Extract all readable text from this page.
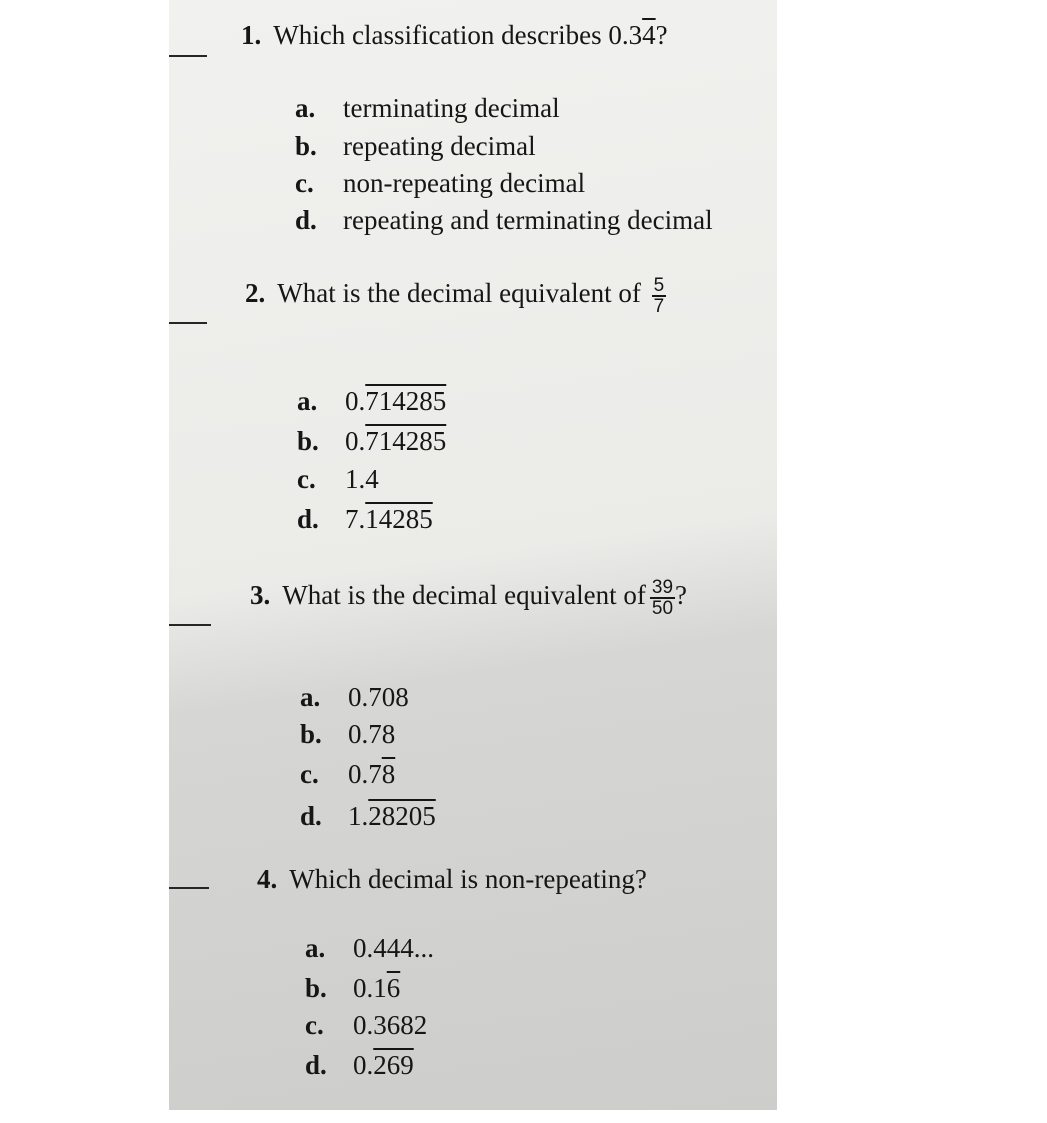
1. Which classification describes 0.34?
a. terminating decimal
b. repeating decimal
c. non-repeating decimal
d. repeating and terminating decimal
2. What is the decimal equivalent of $\frac{5}{7}$
a. 0.714285
b. 0.714285
c. 1.4
d. 7.14285
3. What is the decimal equivalent of $\frac{39}{50}$ ?
a. 0.708
b. 0.78
c. 0.78
d. 1.28205
4. Which decimal is non-repeating?
a. 0.444...
b. 0.16
c. 0.3682
d. 0.269
